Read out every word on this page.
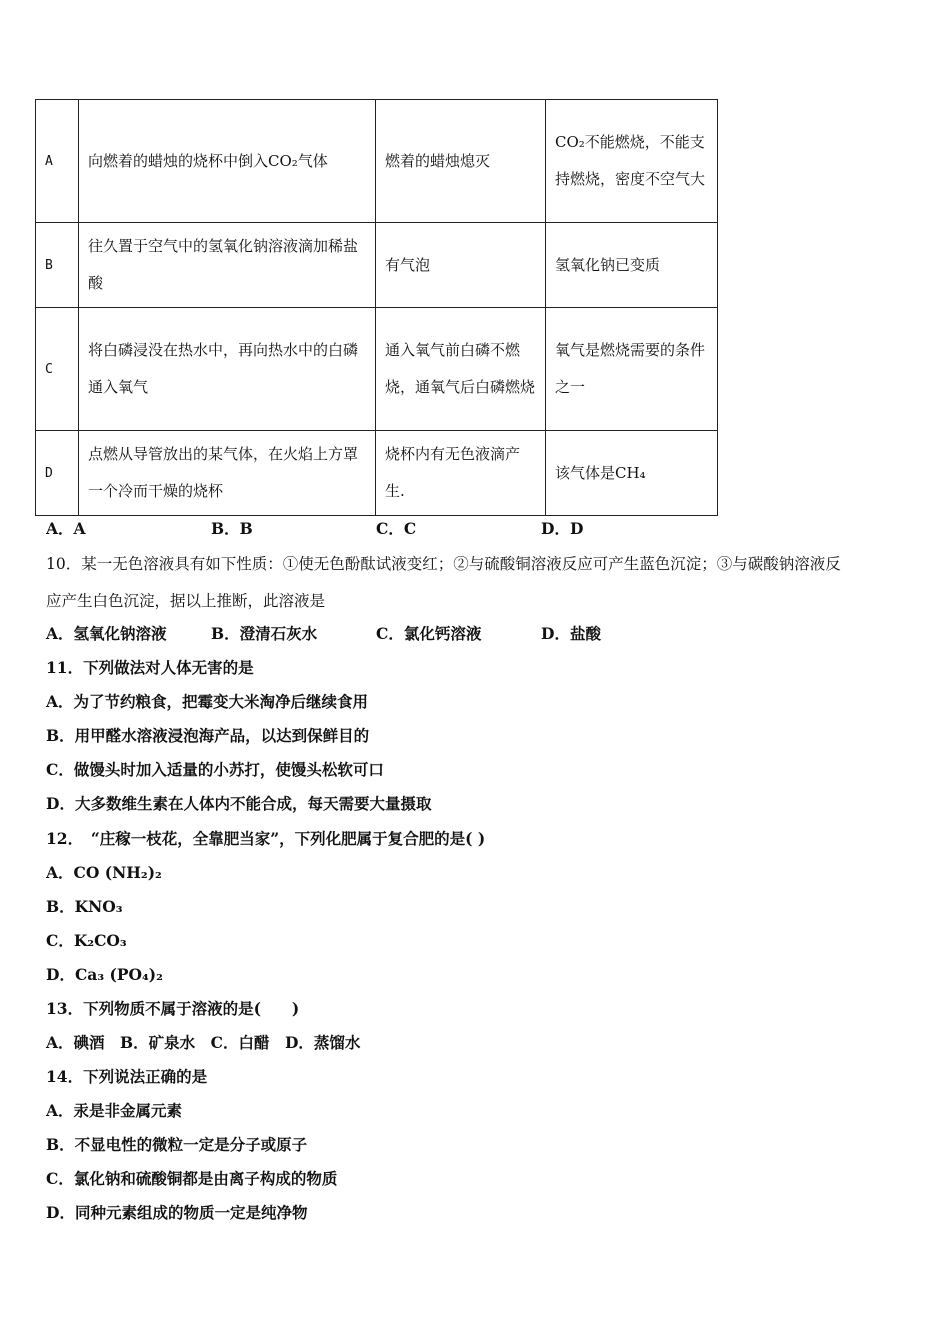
A	向燃着的蜡烛的烧杯中倒入CO₂气体	燃着的蜡烛熄灭	CO₂不能燃烧，不能支持燃烧，密度不空气大
B	往久置于空气中的氢氧化钠溶液滴加稀盐酸	有气泡	氢氧化钠已变质
C	将白磷浸没在热水中，再向热水中的白磷通入氧气	通入氧气前白磷不燃烧，通氧气后白磷燃烧	氧气是燃烧需要的条件之一
D	点燃从导管放出的某气体，在火焰上方罩一个冷而干燥的烧杯	烧杯内有无色液滴产生.	该气体是CH₄
A．A	B．B	C．C	D．D
10．某一无色溶液具有如下性质：①使无色酚酞试液变红；②与硫酸铜溶液反应可产生蓝色沉淀；③与碳酸钠溶液反
应产生白色沉淀，据以上推断，此溶液是
A．氢氧化钠溶液	B．澄清石灰水	C．氯化钙溶液	D．盐酸
11．下列做法对人体无害的是
A．为了节约粮食，把霉变大米淘净后继续食用
B．用甲醛水溶液浸泡海产品，以达到保鲜目的
C．做馒头时加入适量的小苏打，使馒头松软可口
D．大多数维生素在人体内不能合成，每天需要大量摄取
12．　“庄稼一枝花，全靠肥当家”，下列化肥属于复合肥的是( )
A．CO (NH₂)₂
B．KNO₃
C．K₂CO₃
D．Ca₃ (PO₄)₂
13．下列物质不属于溶液的是(　　)
A．碘酒　B．矿泉水　C．白醋　D．蒸馏水
14．下列说法正确的是
A．汞是非金属元素
B．不显电性的微粒一定是分子或原子
C．氯化钠和硫酸铜都是由离子构成的物质
D．同种元素组成的物质一定是纯净物
